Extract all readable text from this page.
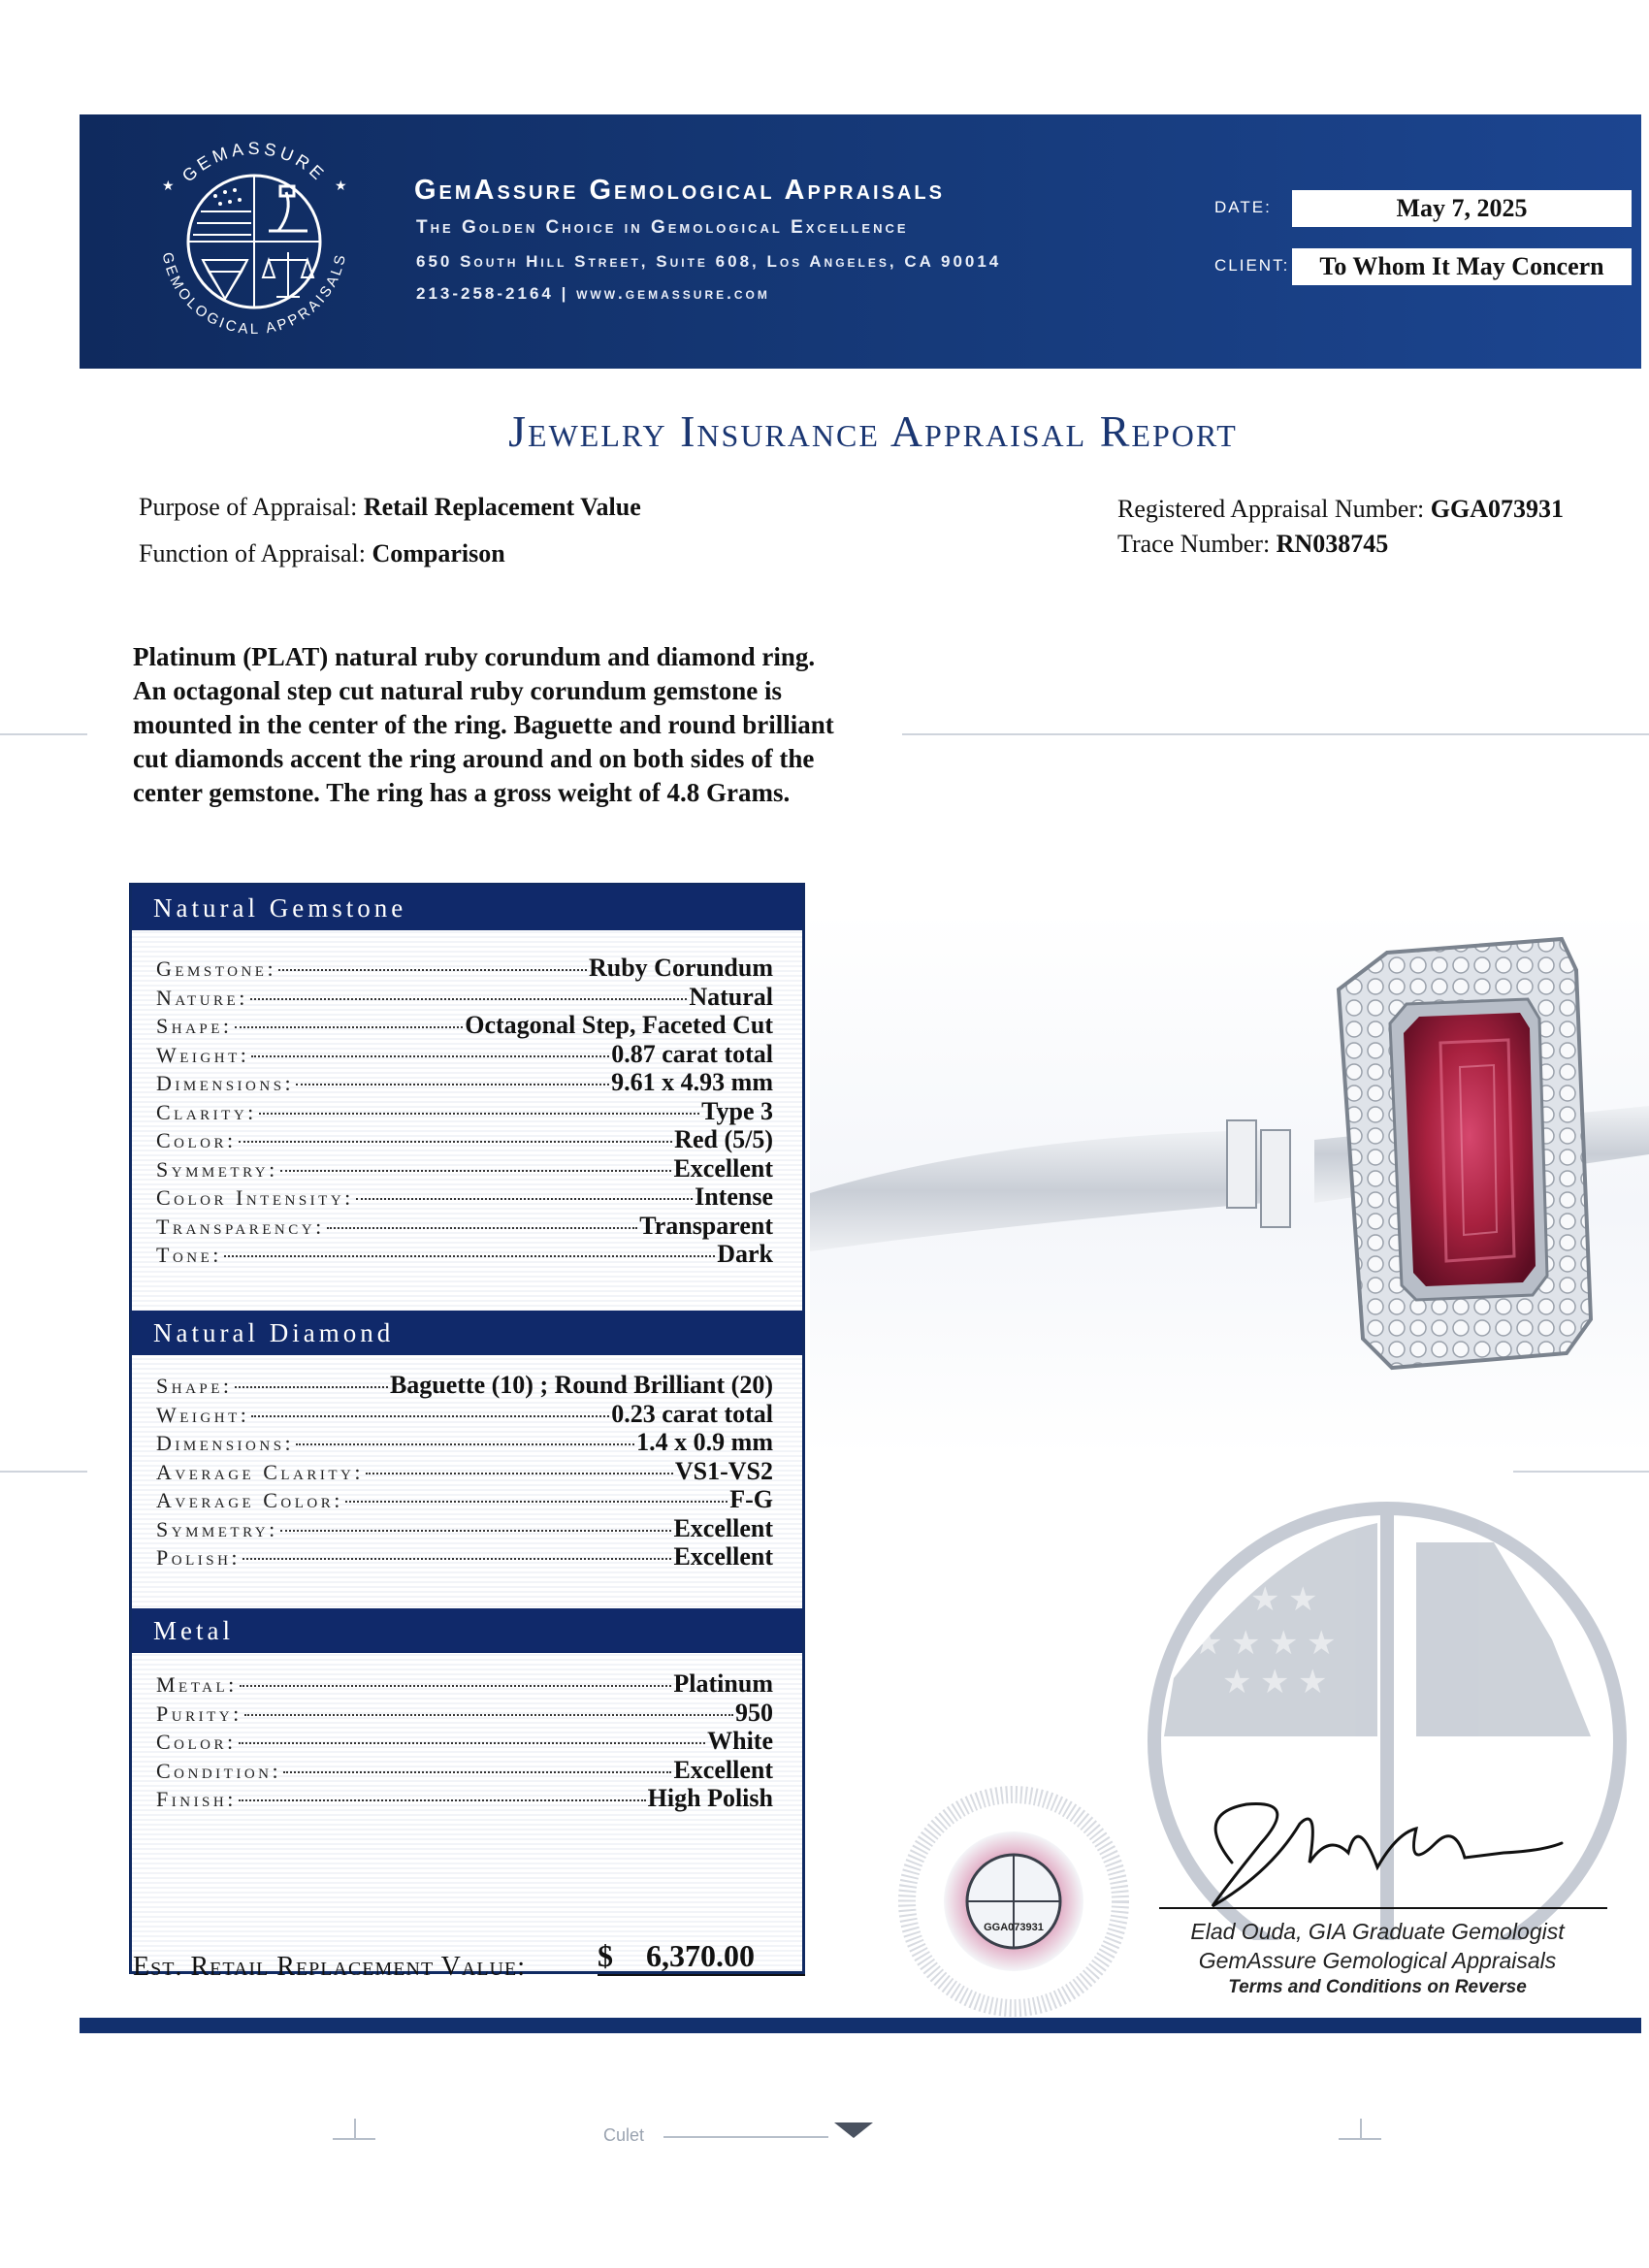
GEMASSURE
GEMOLOGICAL APPRAISALS
★	★ GemAssure Gemological Appraisals
The Golden Choice in Gemological Excellence
650 South Hill Street, Suite 608, Los Angeles, CA 90014
213-258-2164 | www.gemassure.com
DATE:	May 7, 2025
CLIENT:	To Whom It May Concern
Jewelry Insurance Appraisal Report
Purpose of Appraisal: Retail Replacement Value
Function of Appraisal: Comparison
Registered Appraisal Number: GGA073931
Trace Number: RN038745
Platinum (PLAT) natural ruby corundum and diamond ring.
An octagonal step cut natural ruby corundum gemstone is
mounted in the center of the ring. Baguette and round brilliant
cut diamonds accent the ring around and on both sides of the
center gemstone. The ring has a gross weight of 4.8 Grams.
Natural Gemstone
Gemstone:	Ruby Corundum
Nature:	Natural
Shape:	Octagonal Step, Faceted Cut
Weight:	0.87 carat total
Dimensions:	9.61 x 4.93 mm
Clarity:	Type 3
Color:	Red (5/5)
Symmetry:	Excellent
Color Intensity:	Intense
Transparency:	Transparent
Tone:	Dark
Natural Diamond
Shape:	Baguette (10) ; Round Brilliant (20)
Weight:	0.23 carat total
Dimensions:	1.4 x 0.9 mm
Average Clarity:	VS1-VS2
Average Color:	F-G
Symmetry:	Excellent
Polish:	Excellent
Metal
Metal:	Platinum
Purity:	950
Color:	White
Condition:	Excellent
Finish:	High Polish
Est. Retail Replacement Value: $ 6,370.00
★ ★ ★
★ ★ ★ ★
★ ★ ★
GGA073931	Elad Ouda, GIA Graduate Gemologist
GemAssure Gemological Appraisals
Terms and Conditions on Reverse
Culet
